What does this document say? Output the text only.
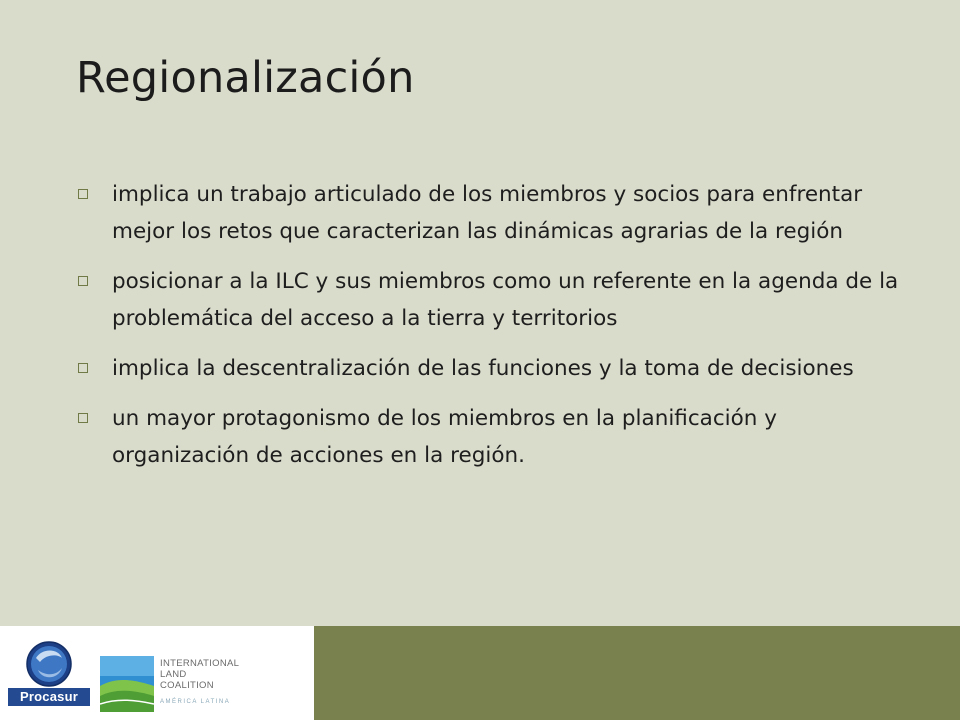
Regionalización
implica un trabajo articulado de los miembros y socios para enfrentar mejor los retos que caracterizan las dinámicas agrarias de la región
posicionar a la ILC y sus miembros como un referente en la agenda de la problemática del acceso a la tierra y territorios
implica la descentralización de las funciones y la toma de decisiones
un mayor protagonismo de los miembros en la planificación y organización de acciones en la región.
Procasur
INTERNATIONAL
LAND
COALITION
AMÉRICA LATINA
